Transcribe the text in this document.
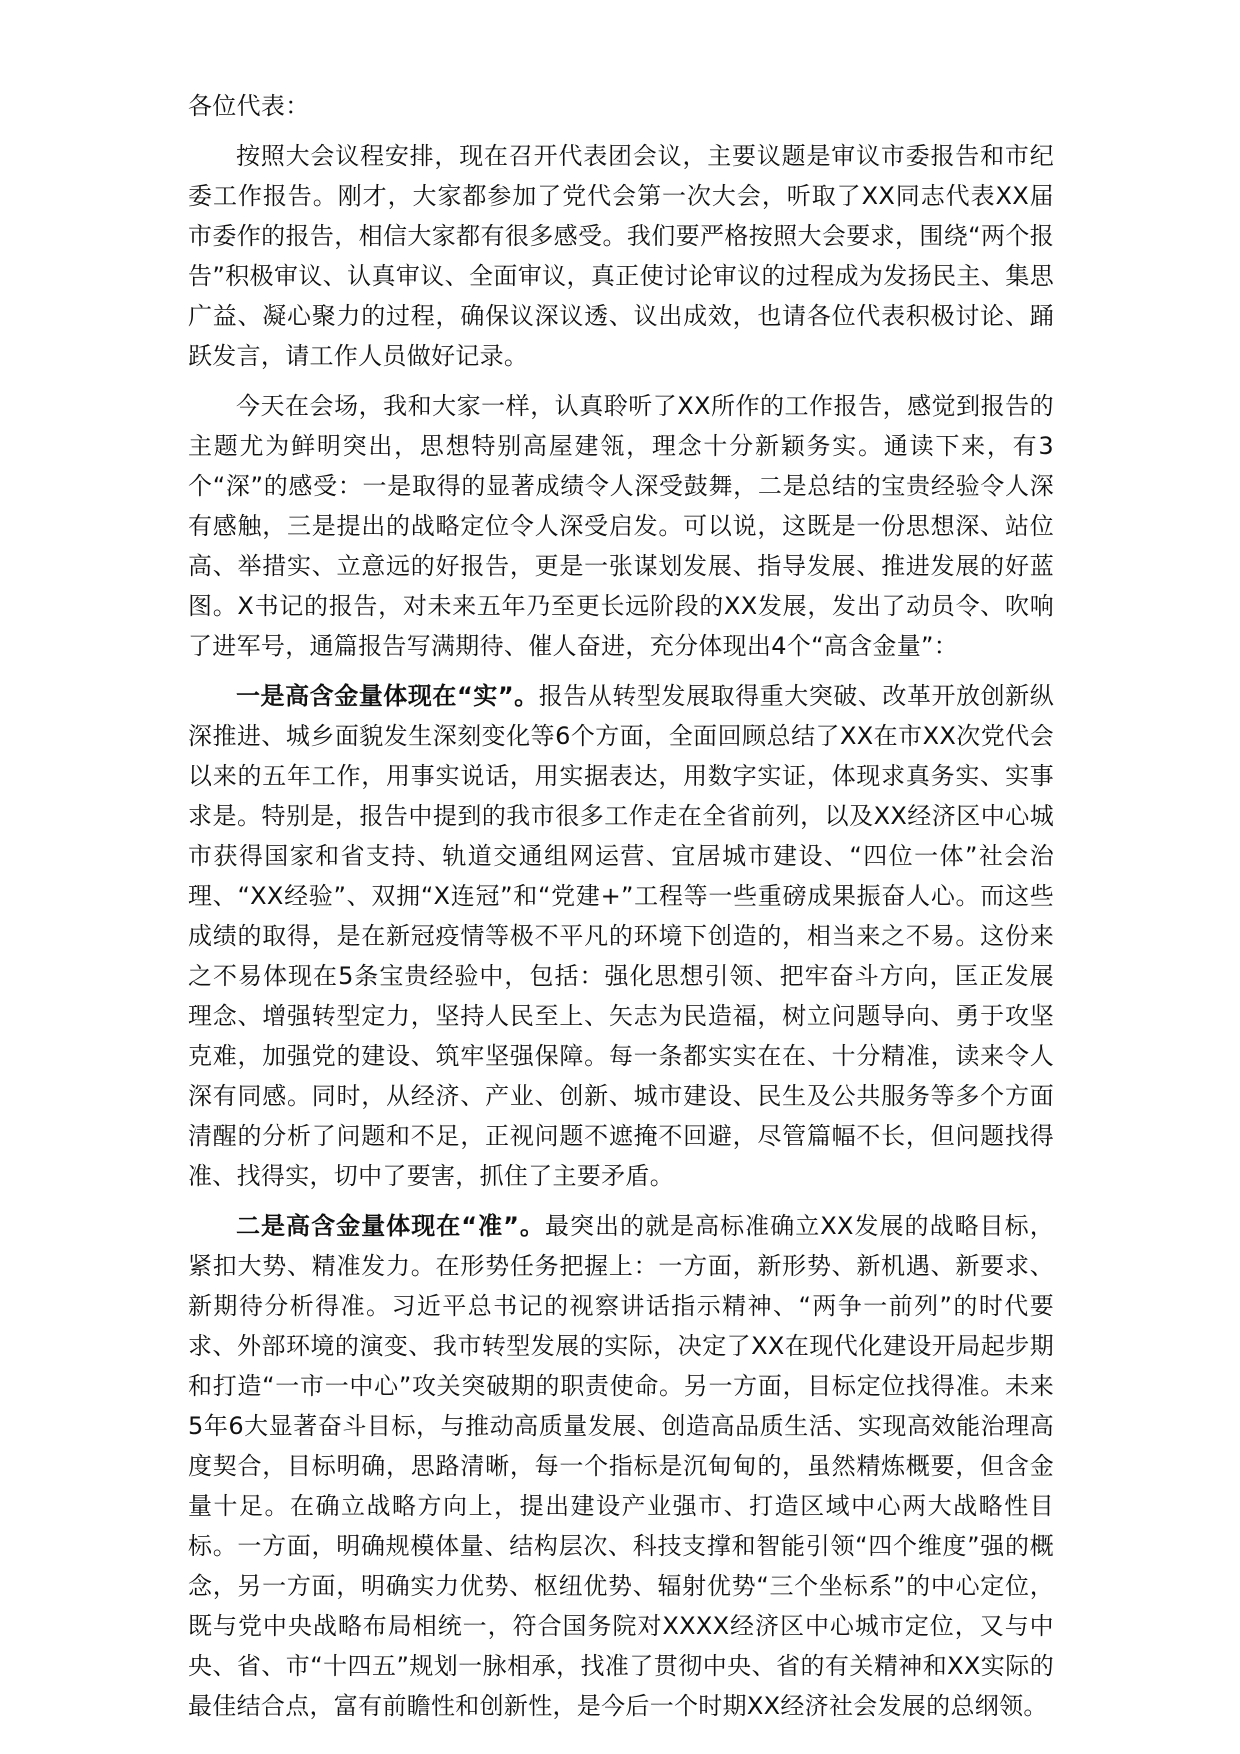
各位代表：

按照大会议程安排，现在召开代表团会议，主要议题是审议市委报告和市纪委工作报告。刚才，大家都参加了党代会第一次大会，听取了XX同志代表XX届市委作的报告，相信大家都有很多感受。我们要严格按照大会要求，围绕“两个报告”积极审议、认真审议、全面审议，真正使讨论审议的过程成为发扬民主、集思广益、凝心聚力的过程，确保议深议透、议出成效，也请各位代表积极讨论、踊跃发言，请工作人员做好记录。

今天在会场，我和大家一样，认真聆听了XX所作的工作报告，感觉到报告的主题尤为鲜明突出，思想特别高屋建瓴，理念十分新颖务实。通读下来，有3个“深”的感受：一是取得的显著成绩令人深受鼓舞，二是总结的宝贵经验令人深有感触，三是提出的战略定位令人深受启发。可以说，这既是一份思想深、站位高、举措实、立意远的好报告，更是一张谋划发展、指导发展、推进发展的好蓝图。X书记的报告，对未来五年乃至更长远阶段的XX发展，发出了动员令、吹响了进军号，通篇报告写满期待、催人奋进，充分体现出4个“高含金量”：

一是高含金量体现在“实”。报告从转型发展取得重大突破、改革开放创新纵深推进、城乡面貌发生深刻变化等6个方面，全面回顾总结了XX在市XX次党代会以来的五年工作，用事实说话，用实据表达，用数字实证，体现求真务实、实事求是。特别是，报告中提到的我市很多工作走在全省前列，以及XX经济区中心城市获得国家和省支持、轨道交通组网运营、宜居城市建设、“四位一体”社会治理、“XX经验”、双拥“X连冠”和“党建+”工程等一些重磅成果振奋人心。而这些成绩的取得，是在新冠疫情等极不平凡的环境下创造的，相当来之不易。这份来之不易体现在5条宝贵经验中，包括：强化思想引领、把牢奋斗方向，匡正发展理念、增强转型定力，坚持人民至上、矢志为民造福，树立问题导向、勇于攻坚克难，加强党的建设、筑牢坚强保障。每一条都实实在在、十分精准，读来令人深有同感。同时，从经济、产业、创新、城市建设、民生及公共服务等多个方面清醒的分析了问题和不足，正视问题不遮掩不回避，尽管篇幅不长，但问题找得准、找得实，切中了要害，抓住了主要矛盾。

二是高含金量体现在“准”。最突出的就是高标准确立XX发展的战略目标，紧扣大势、精准发力。在形势任务把握上：一方面，新形势、新机遇、新要求、新期待分析得准。习近平总书记的视察讲话指示精神、“两争一前列”的时代要求、外部环境的演变、我市转型发展的实际，决定了XX在现代化建设开局起步期和打造“一市一中心”攻关突破期的职责使命。另一方面，目标定位找得准。未来5年6大显著奋斗目标，与推动高质量发展、创造高品质生活、实现高效能治理高度契合，目标明确，思路清晰，每一个指标是沉甸甸的，虽然精炼概要，但含金量十足。在确立战略方向上，提出建设产业强市、打造区域中心两大战略性目标。一方面，明确规模体量、结构层次、科技支撑和智能引领“四个维度”强的概念，另一方面，明确实力优势、枢纽优势、辐射优势“三个坐标系”的中心定位，既与党中央战略布局相统一，符合国务院对XXXX经济区中心城市定位，又与中央、省、市“十四五”规划一脉相承，找准了贯彻中央、省的有关精神和XX实际的最佳结合点，富有前瞻性和创新性，是今后一个时期XX经济社会发展的总纲领。
